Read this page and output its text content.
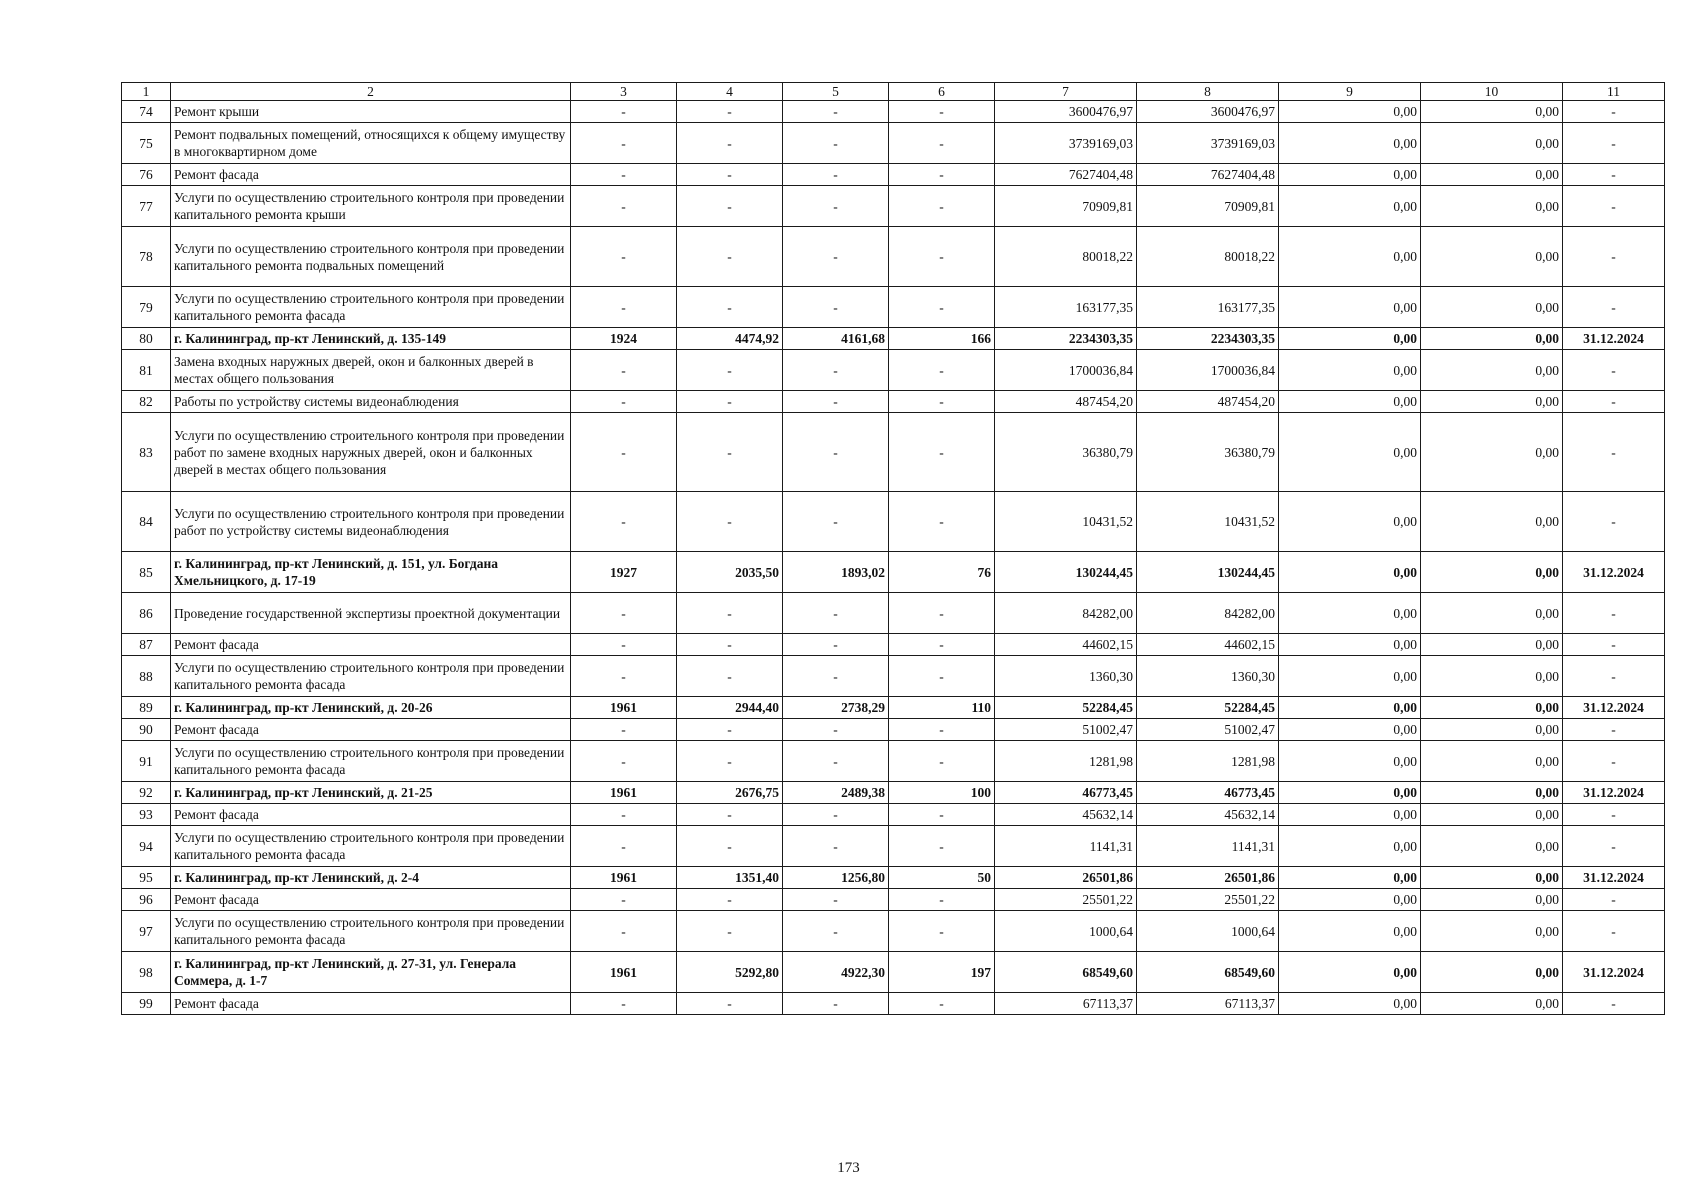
1	2	3	4	5	6	7	8	9	10	11
74	Ремонт крыши	-	-	-	-	3600476,97	3600476,97	0,00	0,00	-
75	Ремонт подвальных помещений, относящихся к общему имуществу в многоквартирном доме	-	-	-	-	3739169,03	3739169,03	0,00	0,00	-
76	Ремонт фасада	-	-	-	-	7627404,48	7627404,48	0,00	0,00	-
77	Услуги по осуществлению строительного контроля при проведении капитального ремонта крыши	-	-	-	-	70909,81	70909,81	0,00	0,00	-
78	Услуги по осуществлению строительного контроля при проведении капитального ремонта подвальных помещений	-	-	-	-	80018,22	80018,22	0,00	0,00	-
79	Услуги по осуществлению строительного контроля при проведении капитального ремонта фасада	-	-	-	-	163177,35	163177,35	0,00	0,00	-
80	г. Калининград, пр-кт Ленинский, д. 135-149	1924	4474,92	4161,68	166	2234303,35	2234303,35	0,00	0,00	31.12.2024
81	Замена входных наружных дверей, окон и балконных дверей в местах общего пользования	-	-	-	-	1700036,84	1700036,84	0,00	0,00	-
82	Работы по устройству системы видеонаблюдения	-	-	-	-	487454,20	487454,20	0,00	0,00	-
83	Услуги по осуществлению строительного контроля при проведении работ по замене входных наружных дверей, окон и балконных дверей в местах общего пользования	-	-	-	-	36380,79	36380,79	0,00	0,00	-
84	Услуги по осуществлению строительного контроля при проведении работ по устройству системы видеонаблюдения	-	-	-	-	10431,52	10431,52	0,00	0,00	-
85	г. Калининград, пр-кт Ленинский, д. 151, ул. Богдана Хмельницкого, д. 17-19	1927	2035,50	1893,02	76	130244,45	130244,45	0,00	0,00	31.12.2024
86	Проведение государственной экспертизы проектной документации	-	-	-	-	84282,00	84282,00	0,00	0,00	-
87	Ремонт фасада	-	-	-	-	44602,15	44602,15	0,00	0,00	-
88	Услуги по осуществлению строительного контроля при проведении капитального ремонта фасада	-	-	-	-	1360,30	1360,30	0,00	0,00	-
89	г. Калининград, пр-кт Ленинский, д. 20-26	1961	2944,40	2738,29	110	52284,45	52284,45	0,00	0,00	31.12.2024
90	Ремонт фасада	-	-	-	-	51002,47	51002,47	0,00	0,00	-
91	Услуги по осуществлению строительного контроля при проведении капитального ремонта фасада	-	-	-	-	1281,98	1281,98	0,00	0,00	-
92	г. Калининград, пр-кт Ленинский, д. 21-25	1961	2676,75	2489,38	100	46773,45	46773,45	0,00	0,00	31.12.2024
93	Ремонт фасада	-	-	-	-	45632,14	45632,14	0,00	0,00	-
94	Услуги по осуществлению строительного контроля при проведении капитального ремонта фасада	-	-	-	-	1141,31	1141,31	0,00	0,00	-
95	г. Калининград, пр-кт Ленинский, д. 2-4	1961	1351,40	1256,80	50	26501,86	26501,86	0,00	0,00	31.12.2024
96	Ремонт фасада	-	-	-	-	25501,22	25501,22	0,00	0,00	-
97	Услуги по осуществлению строительного контроля при проведении капитального ремонта фасада	-	-	-	-	1000,64	1000,64	0,00	0,00	-
98	г. Калининград, пр-кт Ленинский, д. 27-31, ул. Генерала Соммера, д. 1-7	1961	5292,80	4922,30	197	68549,60	68549,60	0,00	0,00	31.12.2024
99	Ремонт фасада	-	-	-	-	67113,37	67113,37	0,00	0,00	-
173
